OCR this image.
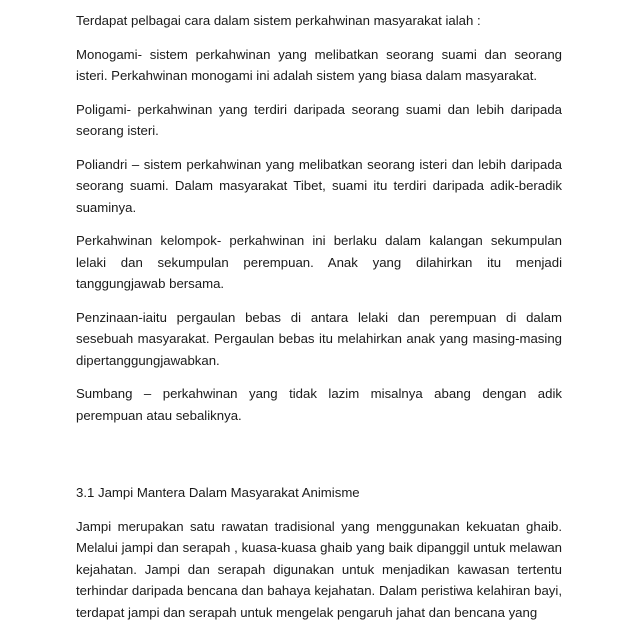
Terdapat pelbagai cara dalam sistem perkahwinan masyarakat ialah :

Monogami- sistem perkahwinan yang melibatkan seorang suami dan seorang isteri. Perkahwinan monogami ini adalah sistem yang biasa dalam masyarakat.

Poligami- perkahwinan yang terdiri daripada seorang suami dan lebih daripada seorang isteri.

Poliandri – sistem perkahwinan yang melibatkan seorang isteri dan lebih daripada seorang suami. Dalam masyarakat Tibet, suami itu terdiri daripada adik-beradik suaminya.

Perkahwinan kelompok- perkahwinan ini berlaku dalam kalangan sekumpulan lelaki dan sekumpulan perempuan. Anak yang dilahirkan itu menjadi tanggungjawab bersama.

Penzinaan-iaitu pergaulan bebas di antara lelaki dan perempuan di dalam sesebuah masyarakat. Pergaulan bebas itu melahirkan anak yang masing-masing dipertanggungjawabkan.

Sumbang – perkahwinan yang tidak lazim misalnya abang dengan adik perempuan atau sebaliknya.

3.1 Jampi Mantera Dalam Masyarakat Animisme

Jampi merupakan satu rawatan tradisional yang menggunakan kekuatan ghaib. Melalui jampi dan serapah , kuasa-kuasa ghaib yang baik dipanggil untuk melawan kejahatan. Jampi dan serapah digunakan untuk menjadikan kawasan tertentu terhindar daripada bencana dan bahaya kejahatan. Dalam peristiwa kelahiran bayi, terdapat jampi dan serapah untuk mengelak pengaruh jahat dan bencana yang
